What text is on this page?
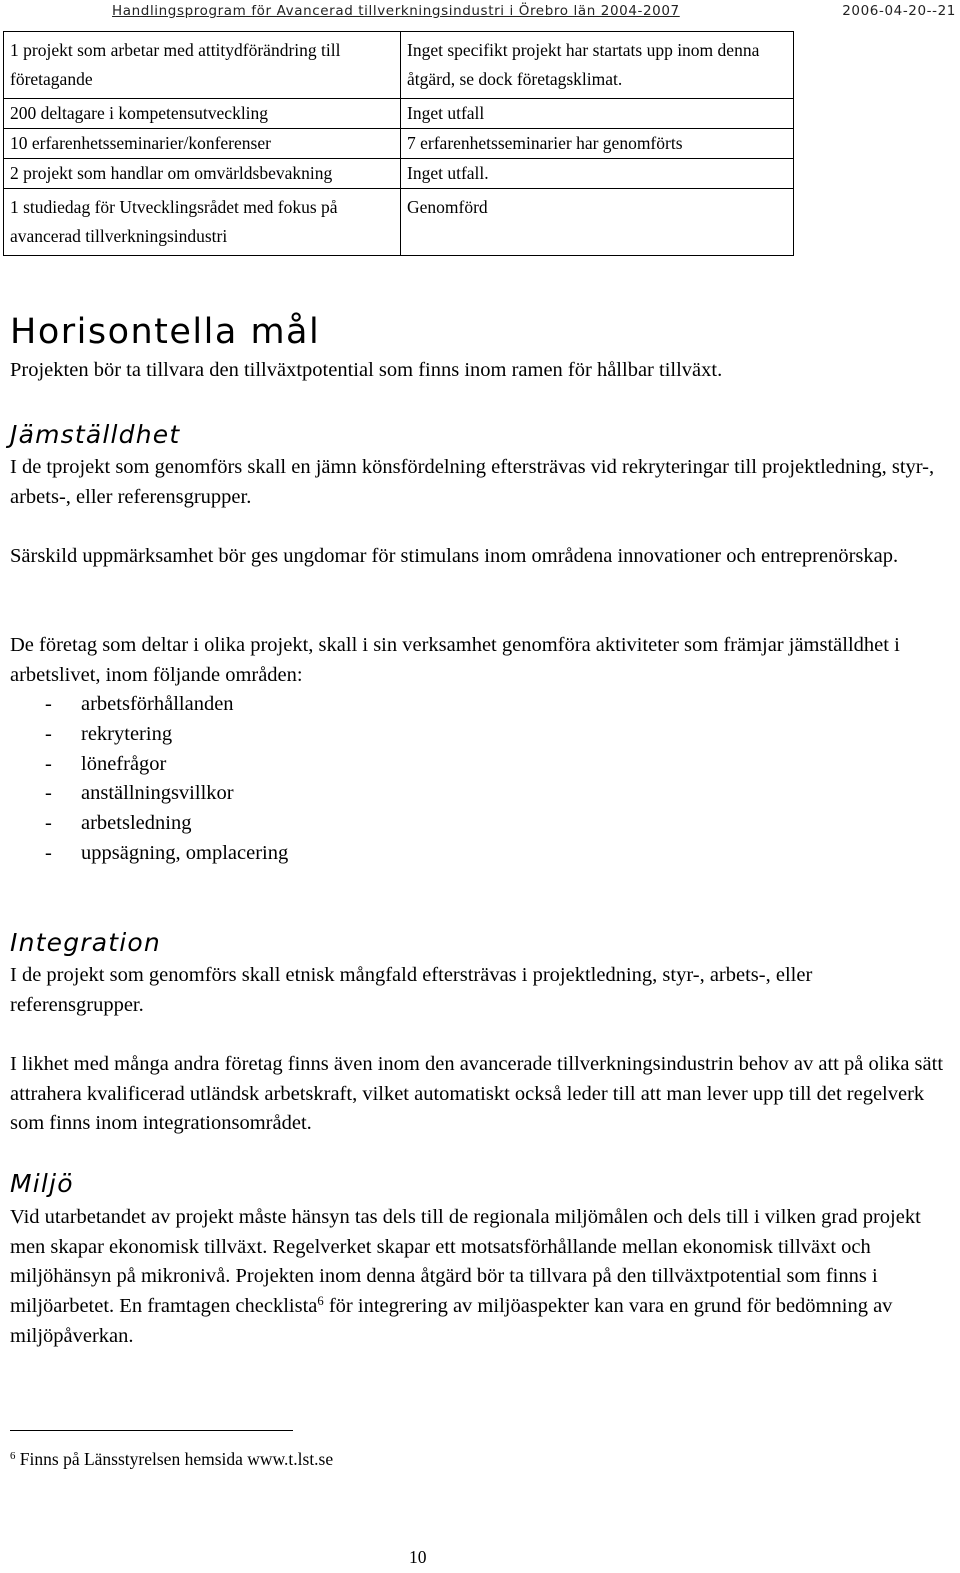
Handlingsprogram för Avancerad tillverkningsindustri i Örebro län 2004-2007	2006-04-20--21
1 projekt som arbetar med attitydförändring till företagande	Inget specifikt projekt har startats upp inom denna åtgärd, se dock företagsklimat.
200 deltagare i kompetensutveckling	Inget utfall
10 erfarenhetsseminarier/konferenser	7 erfarenhetsseminarier har genomförts
2 projekt som handlar om omvärldsbevakning	Inget utfall.
1 studiedag för Utvecklingsrådet med fokus på avancerad tillverkningsindustri	Genomförd
Horisontella mål

Projekten bör ta tillvara den tillväxtpotential som finns inom ramen för hållbar tillväxt.

Jämställdhet

I de tprojekt som genomförs skall en jämn könsfördelning eftersträvas vid rekryteringar till projektledning, styr-, arbets-, eller referensgrupper.

Särskild uppmärksamhet bör ges ungdomar för stimulans inom områdena innovationer och entreprenörskap.

De företag som deltar i olika projekt, skall i sin verksamhet genomföra aktiviteter som främjar jämställdhet i arbetslivet, inom följande områden:

- arbetsförhållanden
- rekrytering
- lönefrågor
- anställningsvillkor
- arbetsledning
- uppsägning, omplacering
Integration

I de projekt som genomförs skall etnisk mångfald eftersträvas i projektledning, styr-, arbets-, eller referensgrupper.

I likhet med många andra företag finns även inom den avancerade tillverkningsindustrin behov av att på olika sätt attrahera kvalificerad utländsk arbetskraft, vilket automatiskt också leder till att man lever upp till det regelverk som finns inom integrationsområdet.

Miljö

Vid utarbetandet av projekt måste hänsyn tas dels till de regionala miljömålen och dels till i vilken grad projekt men skapar ekonomisk tillväxt. Regelverket skapar ett motsatsförhållande mellan ekonomisk tillväxt och miljöhänsyn på mikronivå. Projekten inom denna åtgärd bör ta tillvara på den tillväxtpotential som finns i miljöarbetet. En framtagen checklista$^6$ för integrering av miljöaspekter kan vara en grund för bedömning av miljöpåverkan.

$^6$ Finns på Länsstyrelsen hemsida www.t.lst.se
10
